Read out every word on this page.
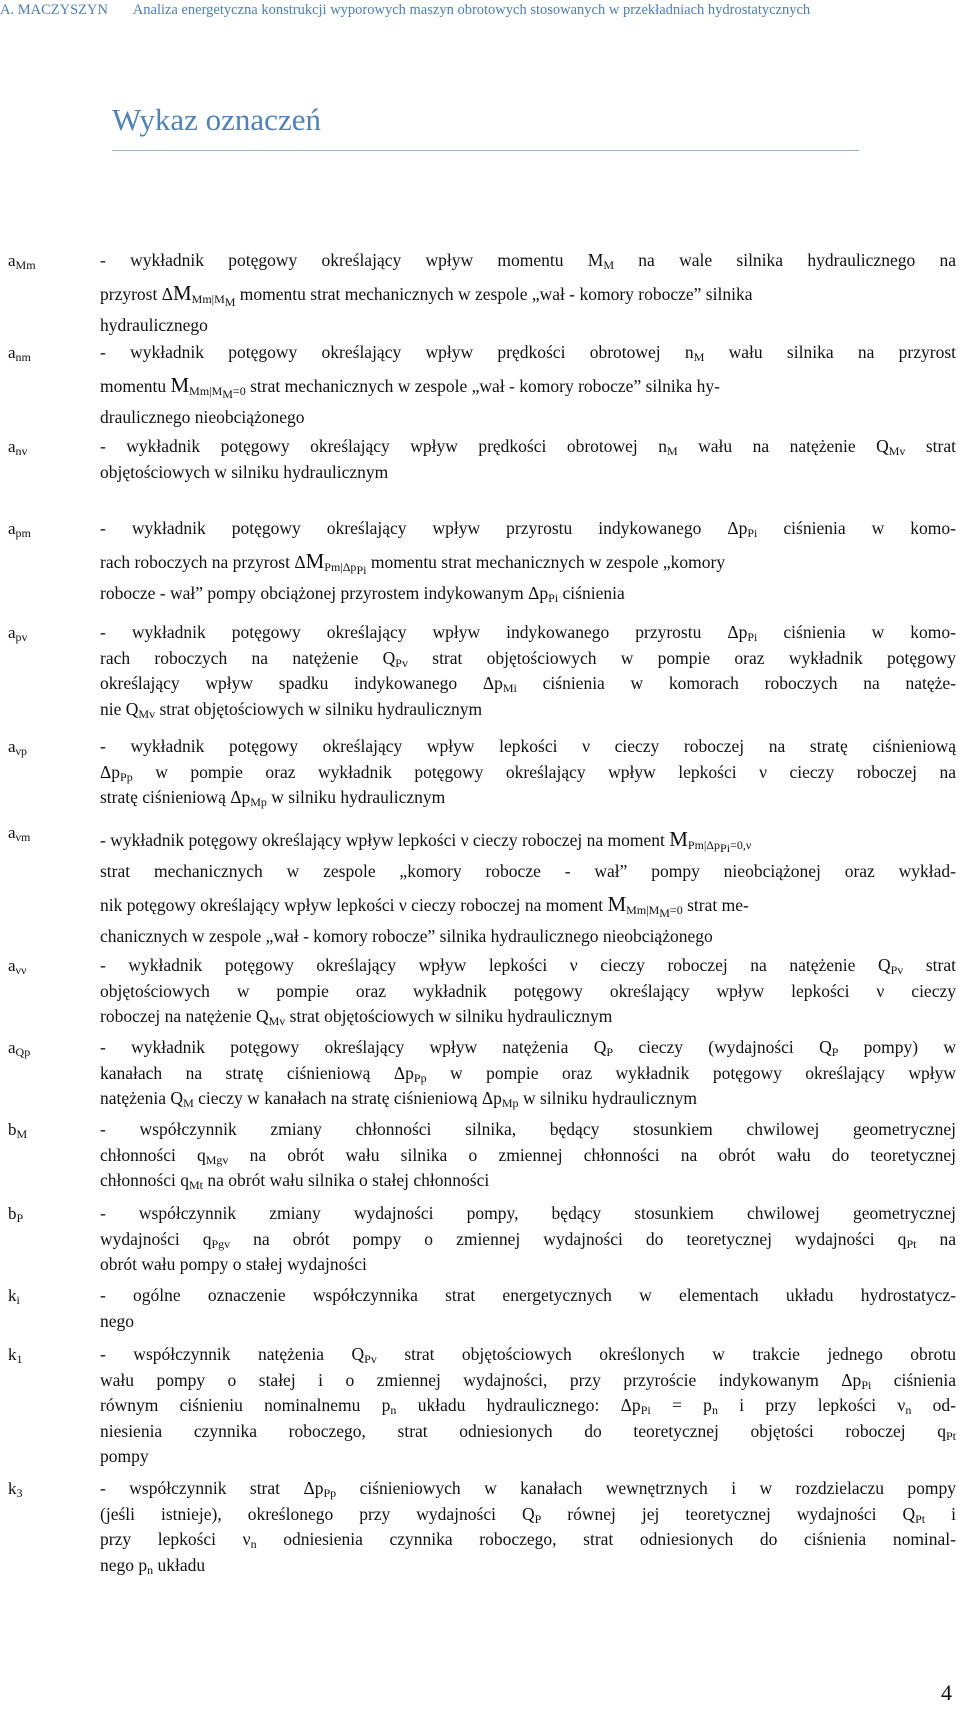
A. MACZYSZYN Analiza energetyczna konstrukcji wyporowych maszyn obrotowych stosowanych w przekładniach hydrostatycznych
Wykaz oznaczeń
$a_{Mm}$	- wykładnik potęgowy określający wpływ momentu $M_M$ na wale silnika hydraulicznego na
przyrost $\Delta MMm|M_M$ momentu strat mechanicznych w zespole „wał - komory robocze” silnika
hydraulicznego
$a_{nm}$	- wykładnik potęgowy określający wpływ prędkości obrotowej $n_M$ wału silnika na przyrost
momentu $MMm|M_M=0$ strat mechanicznych w zespole „wał - komory robocze” silnika hy-
draulicznego nieobciążonego
$a_{nv}$	- wykładnik potęgowy określający wpływ prędkości obrotowej $n_M$ wału na natężenie $Q_{Mv}$ strat
objętościowych w silniku hydraulicznym
$a_{pm}$	- wykładnik potęgowy określający wpływ przyrostu indykowanego $\Delta p_{Pi}$ ciśnienia w komo-
rach roboczych na przyrost $\Delta MPm|\Delta p_{Pi}$ momentu strat mechanicznych w zespole „komory
robocze - wał” pompy obciążonej przyrostem indykowanym $\Delta p_{Pi}$ ciśnienia
$a_{pv}$	- wykładnik potęgowy określający wpływ indykowanego przyrostu $\Delta p_{Pi}$ ciśnienia w komo-
rach roboczych na natężenie $Q_{Pv}$ strat objętościowych w pompie oraz wykładnik potęgowy
określający wpływ spadku indykowanego $\Delta p_{Mi}$ ciśnienia w komorach roboczych na natęże-
nie $Q_{Mv}$ strat objętościowych w silniku hydraulicznym
$a_{\nu p}$	- wykładnik potęgowy określający wpływ lepkości ν cieczy roboczej na stratę ciśnieniową
$\Delta p_{Pp}$ w pompie oraz wykładnik potęgowy określający wpływ lepkości ν cieczy roboczej na
stratę ciśnieniową $\Delta p_{Mp}$ w silniku hydraulicznym
$a_{\nu m}$	- wykładnik potęgowy określający wpływ lepkości ν cieczy roboczej na moment $MPm|\Delta p_{Pi}=0,\nu$
strat mechanicznych w zespole „komory robocze - wał” pompy nieobciążonej oraz wykład-
nik potęgowy określający wpływ lepkości ν cieczy roboczej na moment $MMm|M_M=0$ strat me-
chanicznych w zespole „wał - komory robocze” silnika hydraulicznego nieobciążonego
$a_{\nu\nu}$	- wykładnik potęgowy określający wpływ lepkości ν cieczy roboczej na natężenie $Q_{Pv}$ strat
objętościowych w pompie oraz wykładnik potęgowy określający wpływ lepkości ν cieczy
roboczej na natężenie $Q_{Mv}$ strat objętościowych w silniku hydraulicznym
$a_{Qp}$	- wykładnik potęgowy określający wpływ natężenia $Q_P$ cieczy (wydajności $Q_P$ pompy) w
kanałach na stratę ciśnieniową $\Delta p_{Pp}$ w pompie oraz wykładnik potęgowy określający wpływ
natężenia $Q_M$ cieczy w kanałach na stratę ciśnieniową $\Delta p_{Mp}$ w silniku hydraulicznym
$b_M$	- współczynnik zmiany chłonności silnika, będący stosunkiem chwilowej geometrycznej
chłonności $q_{Mgv}$ na obrót wału silnika o zmiennej chłonności na obrót wału do teoretycznej
chłonności $q_{Mt}$ na obrót wału silnika o stałej chłonności
$b_P$	- współczynnik zmiany wydajności pompy, będący stosunkiem chwilowej geometrycznej
wydajności $q_{Pgv}$ na obrót pompy o zmiennej wydajności do teoretycznej wydajności $q_{Pt}$ na
obrót wału pompy o stałej wydajności
$k_i$	- ogólne oznaczenie współczynnika strat energetycznych w elementach układu hydrostatycz-
nego
$k_1$	- współczynnik natężenia $Q_{Pv}$ strat objętościowych określonych w trakcie jednego obrotu
wału pompy o stałej i o zmiennej wydajności, przy przyroście indykowanym $\Delta p_{Pi}$ ciśnienia
równym ciśnieniu nominalnemu $p_n$ układu hydraulicznego: $\Delta p_{Pi} = p_n$ i przy lepkości $\nu_n$ od-
niesienia czynnika roboczego, strat odniesionych do teoretycznej objętości roboczej $q_{Pt}$
pompy
$k_3$	- współczynnik strat $\Delta p_{Pp}$ ciśnieniowych w kanałach wewnętrznych i w rozdzielaczu pompy
(jeśli istnieje), określonego przy wydajności $Q_P$ równej jej teoretycznej wydajności $Q_{Pt}$ i
przy lepkości $\nu_n$ odniesienia czynnika roboczego, strat odniesionych do ciśnienia nominal-
nego $p_n$ układu
4
